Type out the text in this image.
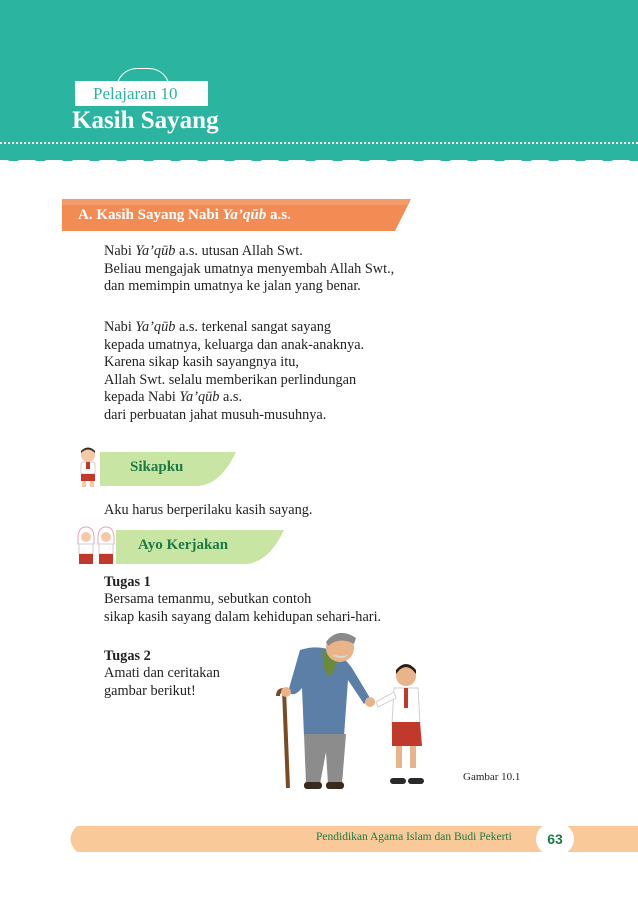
Pelajaran 10
Kasih Sayang
A. Kasih Sayang Nabi Ya’qūb a.s.

Nabi Ya’qūb a.s. utusan Allah Swt.
Beliau mengajak umatnya menyembah Allah Swt.,
dan memimpin umatnya ke jalan yang benar.

Nabi Ya’qūb a.s. terkenal sangat sayang
kepada umatnya, keluarga dan anak-anaknya.
Karena sikap kasih sayangnya itu,
Allah Swt. selalu memberikan perlindungan
kepada Nabi Ya’qūb a.s.
dari perbuatan jahat musuh-musuhnya.

Sikapku

Aku harus berperilaku kasih sayang.

Ayo Kerjakan

Tugas 1

Bersama temanmu, sebutkan contoh
sikap kasih sayang dalam kehidupan sehari-hari.

Tugas 2

Amati dan ceritakan
gambar berikut!

Gambar 10.1

Pendidikan Agama Islam dan Budi Pekerti	63
